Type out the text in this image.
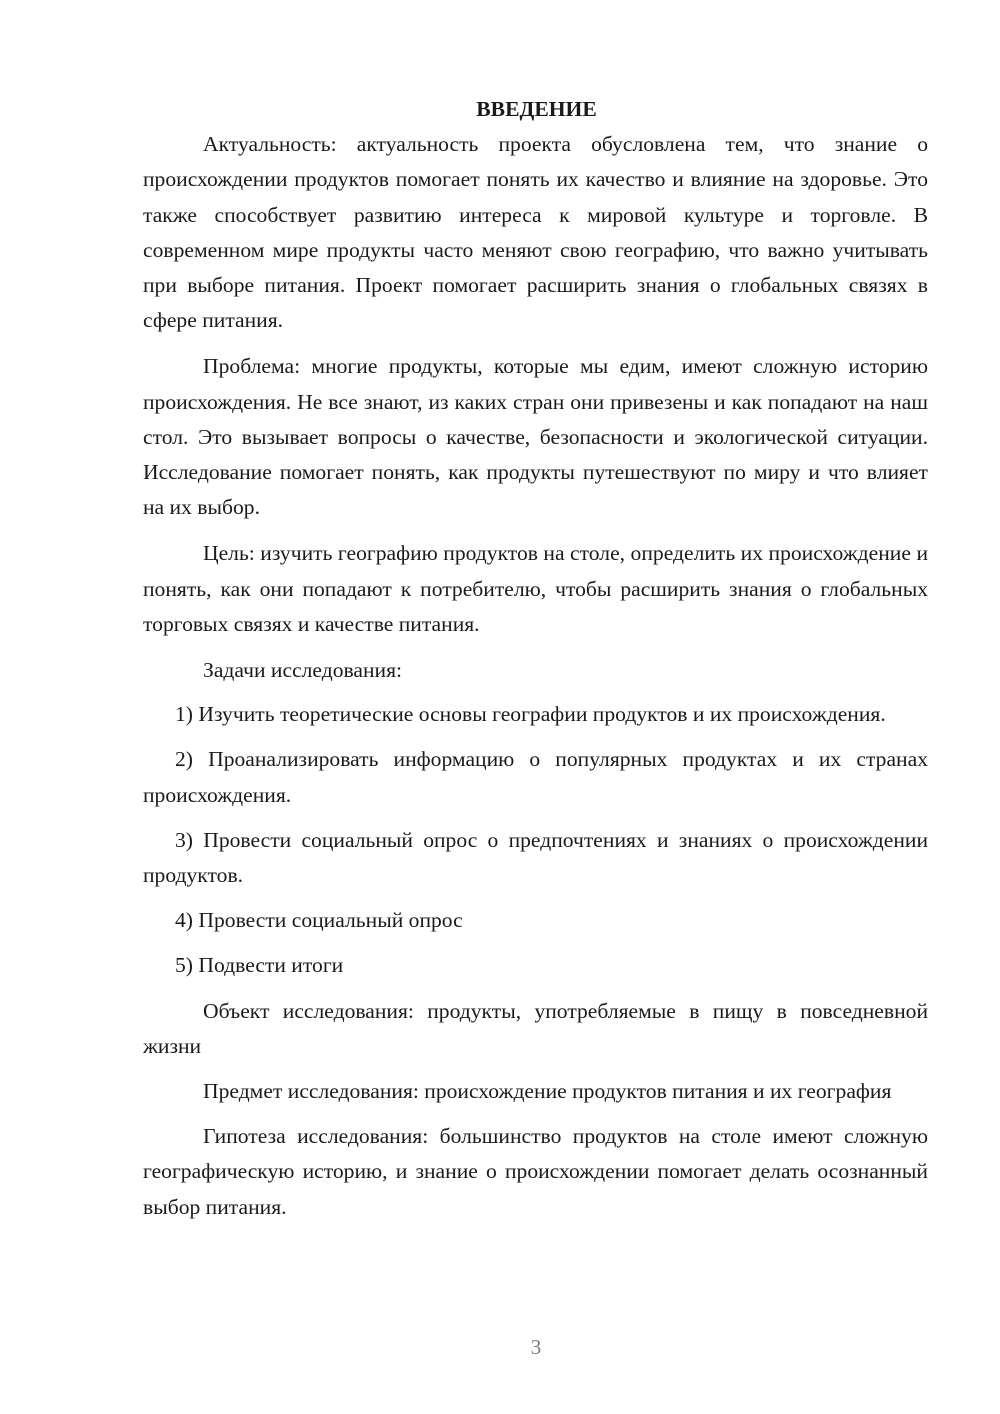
ВВЕДЕНИЕ

Актуальность: актуальность проекта обусловлена тем, что знание о происхождении продуктов помогает понять их качество и влияние на здоровье. Это также способствует развитию интереса к мировой культуре и торговле. В современном мире продукты часто меняют свою географию, что важно учитывать при выборе питания. Проект помогает расширить знания о глобальных связях в сфере питания.

Проблема: многие продукты, которые мы едим, имеют сложную историю происхождения. Не все знают, из каких стран они привезены и как попадают на наш стол. Это вызывает вопросы о качестве, безопасности и экологической ситуации. Исследование помогает понять, как продукты путешествуют по миру и что влияет на их выбор.

Цель: изучить географию продуктов на столе, определить их происхождение и понять, как они попадают к потребителю, чтобы расширить знания о глобальных торговых связях и качестве питания.

Задачи исследования:

1) Изучить теоретические основы географии продуктов и их происхождения.
2) Проанализировать информацию о популярных продуктах и их странах происхождения.
3) Провести социальный опрос о предпочтениях и знаниях о происхождении продуктов.
4) Провести социальный опрос
5) Подвести итоги

Объект исследования: продукты, употребляемые в пищу в повседневной жизни

Предмет исследования: происхождение продуктов питания и их география

Гипотеза исследования: большинство продуктов на столе имеют сложную географическую историю, и знание о происхождении помогает делать осознанный выбор питания.

3
